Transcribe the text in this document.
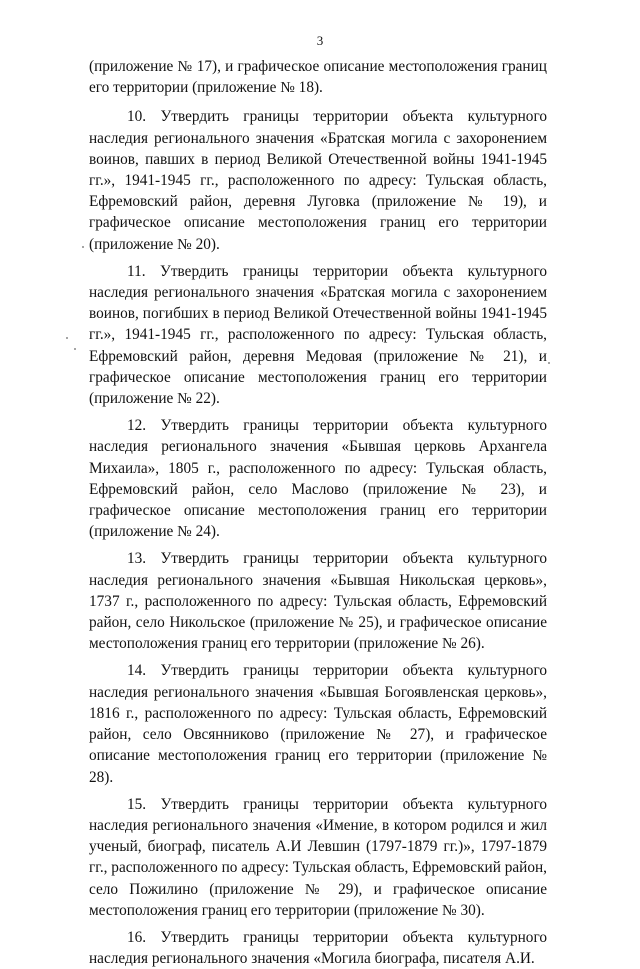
3

(приложение № 17), и графическое описание местоположения границ его территории (приложение № 18).

10. Утвердить границы территории объекта культурного наследия регионального значения «Братская могила с захоронением воинов, павших в период Великой Отечественной войны 1941-1945 гг.», 1941-1945 гг., расположенного по адресу: Тульская область, Ефремовский район, деревня Луговка (приложение № 19), и графическое описание местоположения границ его территории (приложение № 20).

11. Утвердить границы территории объекта культурного наследия регионального значения «Братская могила с захоронением воинов, погибших в период Великой Отечественной войны 1941-1945 гг.», 1941-1945 гг., расположенного по адресу: Тульская область, Ефремовский район, деревня Медовая (приложение № 21), и графическое описание местоположения границ его территории (приложение № 22).

12. Утвердить границы территории объекта культурного наследия регионального значения «Бывшая церковь Архангела Михаила», 1805 г., расположенного по адресу: Тульская область, Ефремовский район, село Маслово (приложение № 23), и графическое описание местоположения границ его территории (приложение № 24).

13. Утвердить границы территории объекта культурного наследия регионального значения «Бывшая Никольская церковь», 1737 г., расположенного по адресу: Тульская область, Ефремовский район, село Никольское (приложение № 25), и графическое описание местоположения границ его территории (приложение № 26).

14. Утвердить границы территории объекта культурного наследия регионального значения «Бывшая Богоявленская церковь», 1816 г., расположенного по адресу: Тульская область, Ефремовский район, село Овсянниково (приложение № 27), и графическое описание местоположения границ его территории (приложение № 28).

15. Утвердить границы территории объекта культурного наследия регионального значения «Имение, в котором родился и жил ученый, биограф, писатель А.И Левшин (1797-1879 гг.)», 1797-1879 гг., расположенного по адресу: Тульская область, Ефремовский район, село Пожилино (приложение № 29), и графическое описание местоположения границ его территории (приложение № 30).

16. Утвердить границы территории объекта культурного наследия регионального значения «Могила биографа, писателя А.И.
